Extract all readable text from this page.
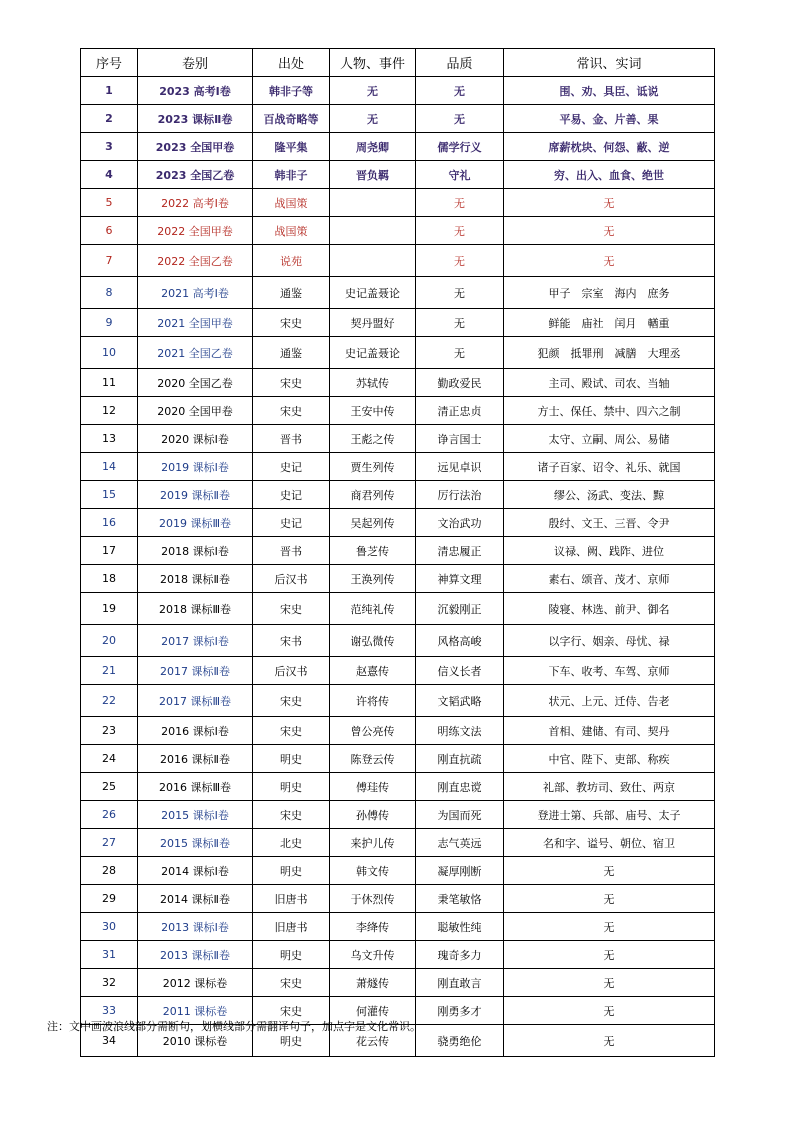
序号	卷别	出处	人物、事件	品质	常识、实词
1	2023 高考Ⅰ卷	韩非子等	无	无	围、劝、具臣、诋说
2	2023 课标Ⅱ卷	百战奇略等	无	无	平易、金、片善、果
3	2023 全国甲卷	隆平集	周尧卿	儒学行义	席薪枕块、何怨、蔽、逆
4	2023 全国乙卷	韩非子	晋负羁	守礼	穷、出入、血食、绝世
5	2022 高考Ⅰ卷	战国策		无	无
6	2022 全国甲卷	战国策		无	无
7	2022 全国乙卷	说苑		无	无
8	2021 高考Ⅰ卷	通鉴	史记盖聂论	无	甲子　宗室　海内　庶务
9	2021 全国甲卷	宋史	契丹盟好	无	鲜能　庙社　闰月　輶重
10	2021 全国乙卷	通鉴	史记盖聂论	无	犯颜　抵罪刑　减膳　大理丞
11	2020 全国乙卷	宋史	苏轼传	勤政爱民	主司、殿试、司农、当轴
12	2020 全国甲卷	宋史	王安中传	清正忠贞	方士、保任、禁中、四六之制
13	2020 课标Ⅰ卷	晋书	王彪之传	诤言国士	太守、立嗣、周公、易储
14	2019 课标Ⅰ卷	史记	贾生列传	远见卓识	诸子百家、诏令、礼乐、就国
15	2019 课标Ⅱ卷	史记	商君列传	厉行法治	缪公、汤武、变法、黥
16	2019 课标Ⅲ卷	史记	吴起列传	文治武功	殷纣、文王、三晋、令尹
17	2018 课标Ⅰ卷	晋书	鲁芝传	清忠履正	议禄、阙、践阼、进位
18	2018 课标Ⅱ卷	后汉书	王涣列传	神算文理	素右、颂音、茂才、京师
19	2018 课标Ⅲ卷	宋史	范纯礼传	沉毅刚正	陵寝、林选、前尹、御名
20	2017 课标Ⅰ卷	宋书	谢弘微传	风格高峻	以字行、姻亲、母忧、禄
21	2017 课标Ⅱ卷	后汉书	赵憙传	信义长者	下车、收考、车驾、京师
22	2017 课标Ⅲ卷	宋史	许将传	文韬武略	状元、上元、迁侍、告老
23	2016 课标Ⅰ卷	宋史	曾公亮传	明练文法	首相、建储、有司、契丹
24	2016 课标Ⅱ卷	明史	陈登云传	刚直抗疏	中官、陛下、吏部、称疾
25	2016 课标Ⅲ卷	明史	傅珪传	刚直忠谠	礼部、教坊司、致仕、两京
26	2015 课标Ⅰ卷	宋史	孙傅传	为国而死	登进士第、兵部、庙号、太子
27	2015 课标Ⅱ卷	北史	来护儿传	志气英远	名和字、谥号、朝位、宿卫
28	2014 课标Ⅰ卷	明史	韩文传	凝厚刚断	无
29	2014 课标Ⅱ卷	旧唐书	于休烈传	秉笔敏恪	无
30	2013 课标Ⅰ卷	旧唐书	李绛传	聪敏性纯	无
31	2013 课标Ⅱ卷	明史	乌文升传	瑰奇多力	无
32	2012 课标卷	宋史	萧燧传	刚直敢言	无
33	2011 课标卷	宋史	何灌传	刚勇多才	无
34	2010 课标卷	明史	花云传	骁勇绝伦	无
注：文中画波浪线部分需断句，划横线部分需翻译句子，加点字是文化常识。
